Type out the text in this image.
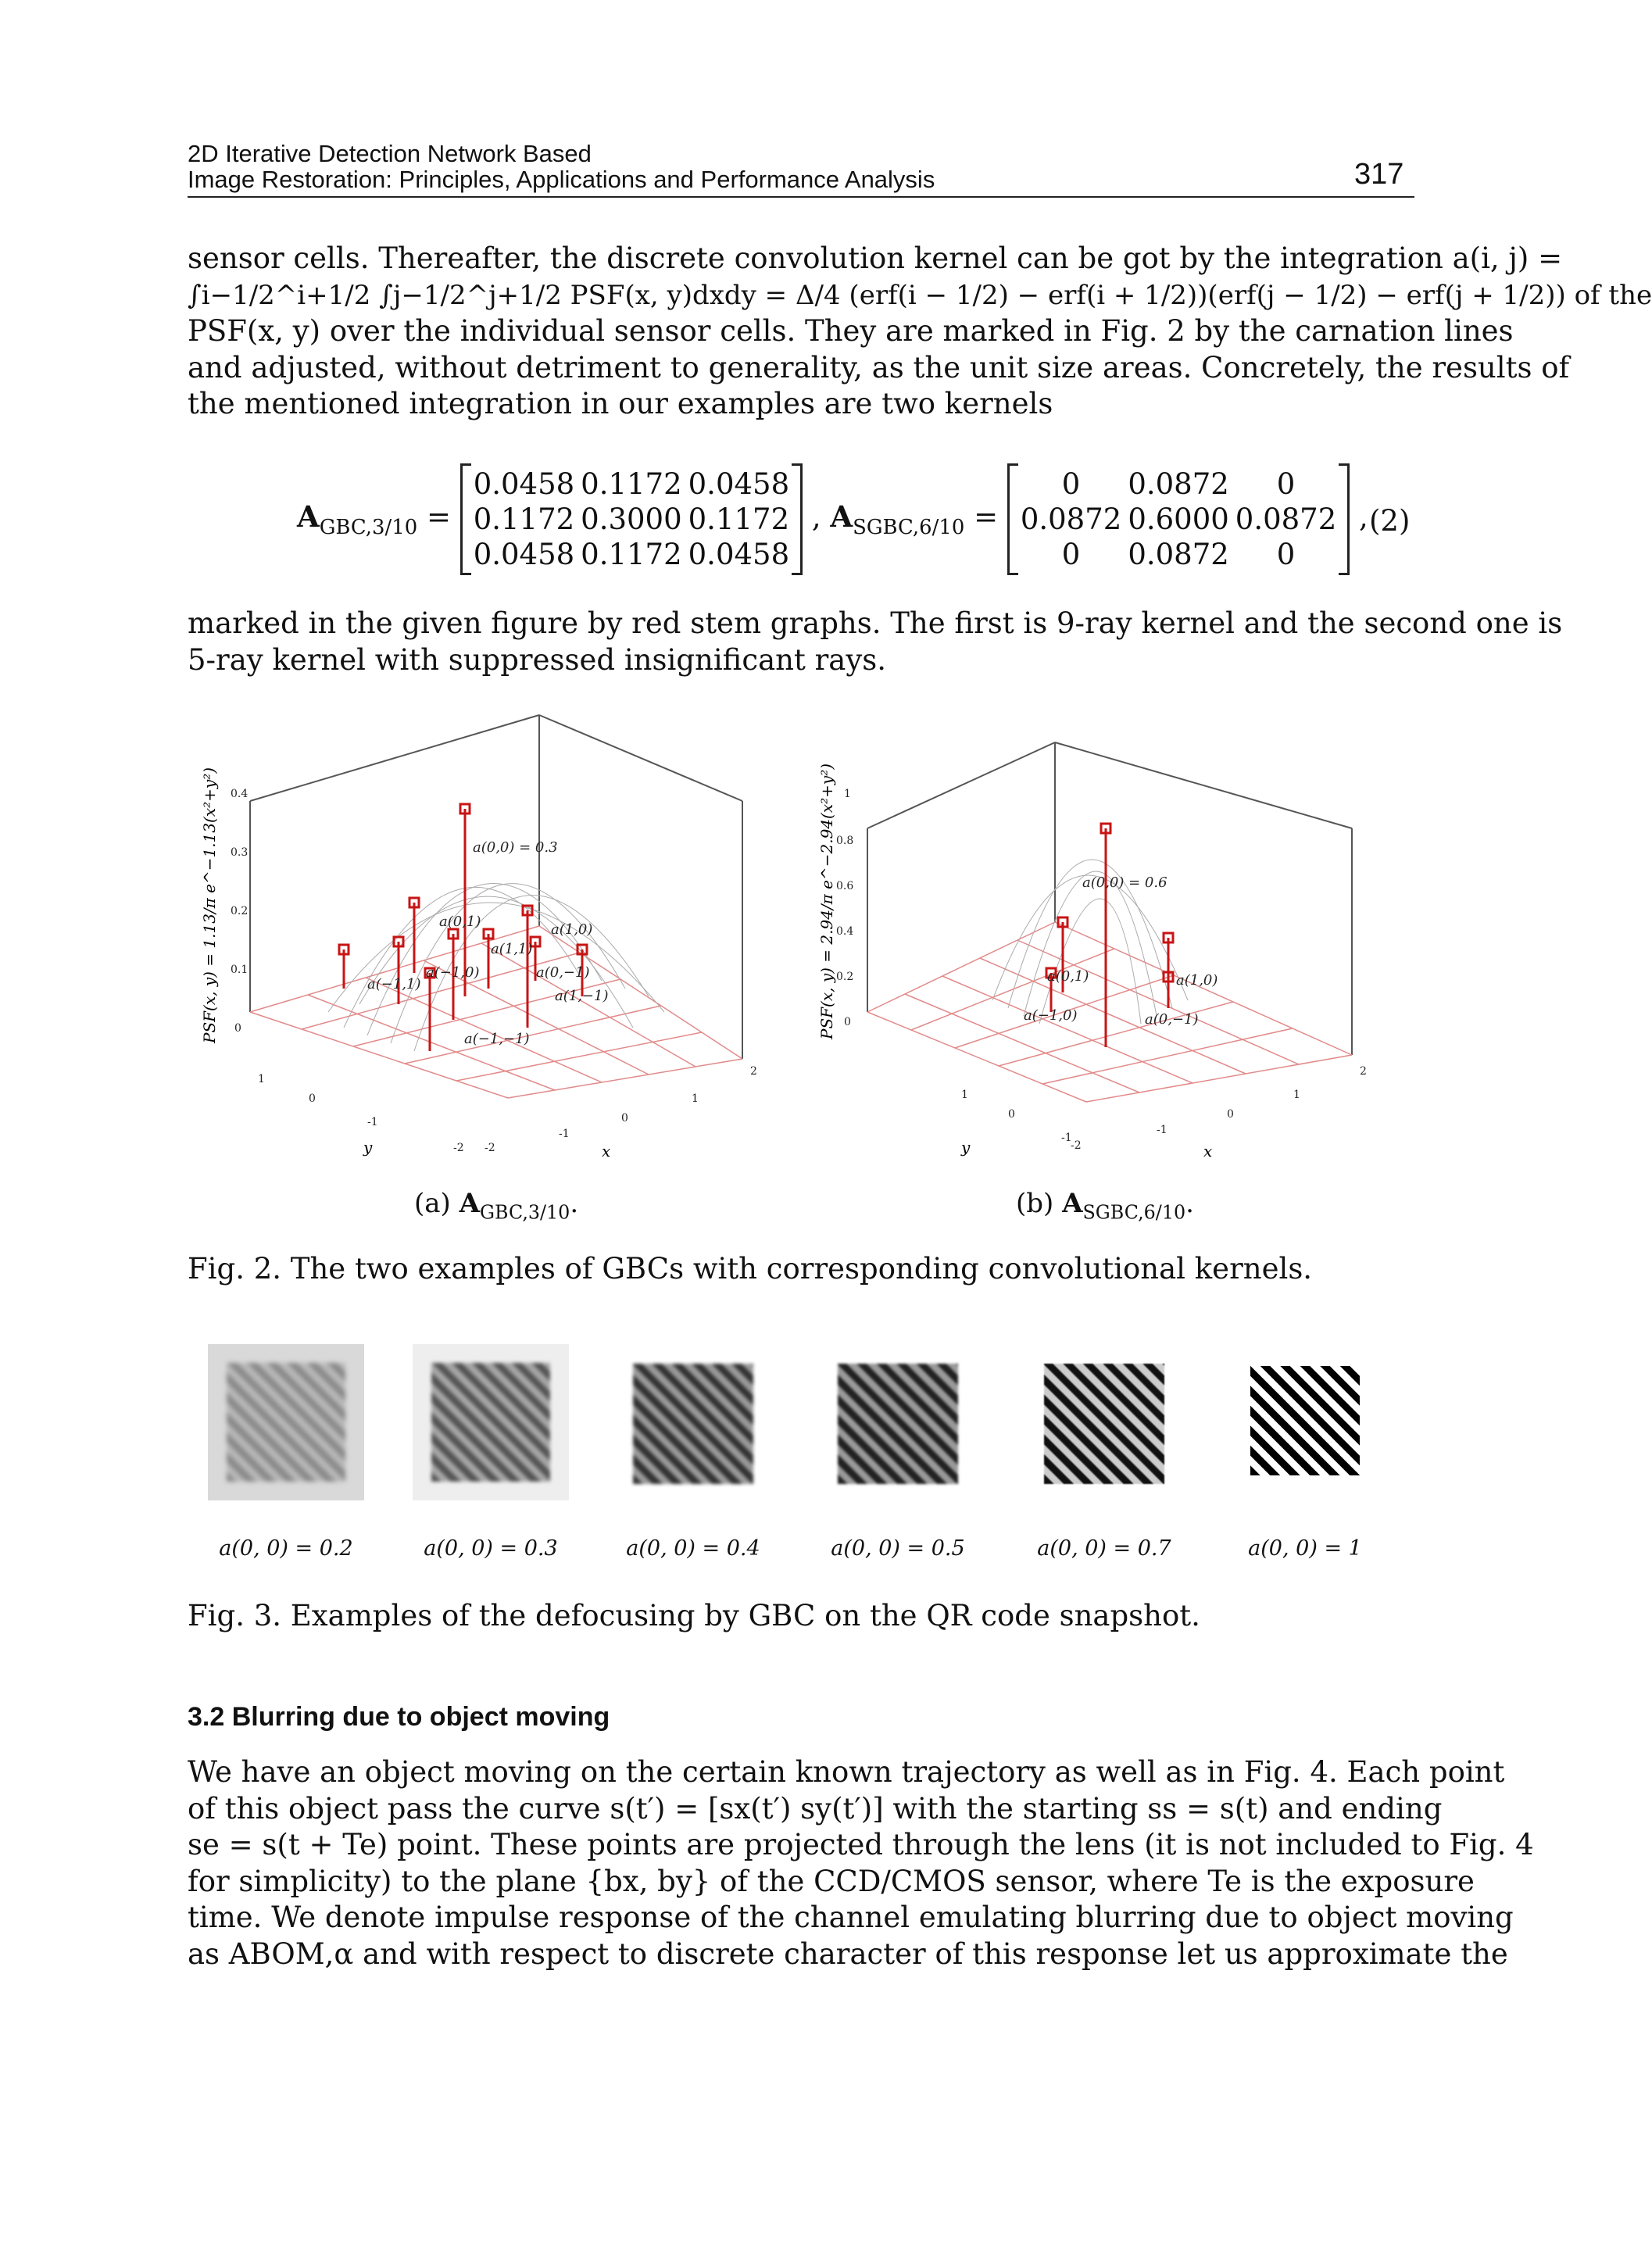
2D Iterative Detection Network Based
Image Restoration: Principles, Applications and Performance Analysis	317
sensor cells. Thereafter, the discrete convolution kernel can be got by the integration a(i, j) =
∫i−1/2^i+1/2 ∫j−1/2^j+1/2 PSF(x, y)dxdy = Δ/4 (erf(i − 1/2) − erf(i + 1/2))(erf(j − 1/2) − erf(j + 1/2)) of the
PSF(x, y) over the individual sensor cells. They are marked in Fig. 2 by the carnation lines
and adjusted, without detriment to generality, as the unit size areas. Concretely, the results of
the mentioned integration in our examples are two kernels
$A_{GBC,3/10}$ =
0.0458	0.1172	0.0458
0.1172	0.3000	0.1172
0.0458	0.1172	0.0458
, $A_{SGBC,6/10}$ =
0	0.0872	0
0.0872	0.6000	0.0872
0	0.0872	0
, (2)
marked in the given figure by red stem graphs. The first is 9-ray kernel and the second one is
5-ray kernel with suppressed insignificant rays.
a(0,0) = 0.3
a(0,1)	a(1,0)
a(−1,0)
a(1,1)
a(0,−1)
a(−1,1)
a(1,−1)
a(−1,−1)
0.4
0.3
0.2
0.1
0
1
0
-1
-2 -2
-1
0
1
2
y	x
PSF(x, y) = 1.13/π e^−1.13(x²+y²)	a(0,0) = 0.6
a(0,1)	a(1,0)
a(−1,0)	a(0,−1)
1
0.8
0.6
0.4
0.2
0
1
0
-1
-2
-1
0
1
2
y	x
PSF(x, y) = 2.94/π e^−2.94(x²+y²)
(a) $A_{GBC,3/10}$.	(b) $A_{SGBC,6/10}$.
Fig. 2. The two examples of GBCs with corresponding convolutional kernels.
a(0, 0) = 0.2	a(0, 0) = 0.3	a(0, 0) = 0.4	a(0, 0) = 0.5	a(0, 0) = 0.7	a(0, 0) = 1
Fig. 3. Examples of the defocusing by GBC on the QR code snapshot.
3.2 Blurring due to object moving
We have an object moving on the certain known trajectory as well as in Fig. 4. Each point
of this object pass the curve s(t′) = [sx(t′) sy(t′)] with the starting ss = s(t) and ending
se = s(t + Te) point. These points are projected through the lens (it is not included to Fig. 4
for simplicity) to the plane {bx, by} of the CCD/CMOS sensor, where Te is the exposure
time. We denote impulse response of the channel emulating blurring due to object moving
as ABOM,α and with respect to discrete character of this response let us approximate the
